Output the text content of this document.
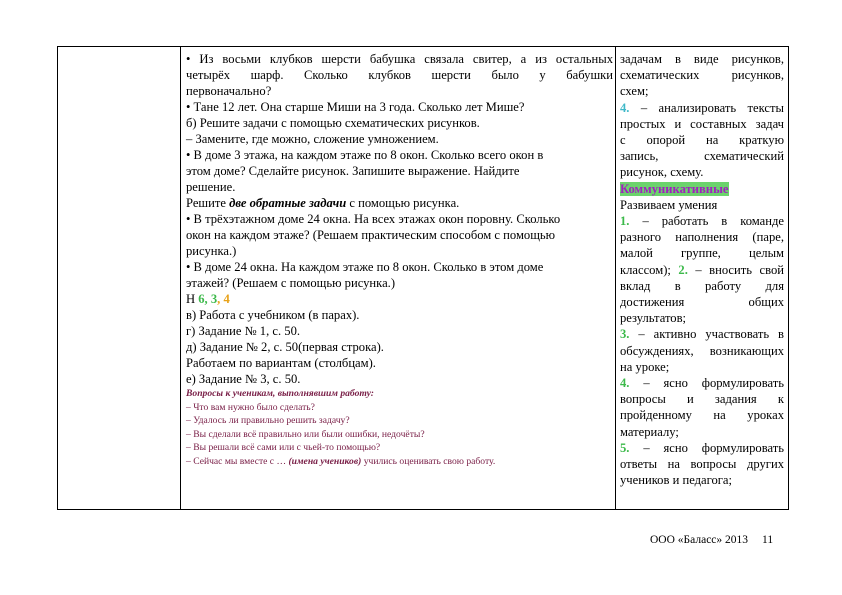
• Из восьми клубков шерсти бабушка связала свитер, а из остальных

четырёх шарф. Сколько клубков шерсти было у бабушки

первоначально?

• Тане 12 лет. Она старше Миши на 3 года. Сколько лет Мише?

б) Решите задачи с помощью схематических рисунков.

– Замените, где можно, сложение умножением.

• В доме 3 этажа, на каждом этаже по 8 окон. Сколько всего окон в

этом доме? Сделайте рисунок. Запишите выражение. Найдите

решение.

Решите две обратные задачи с помощью рисунка.

• В трёхэтажном доме 24 окна. На всех этажах окон поровну. Сколько

окон на каждом этаже? (Решаем практическим способом с помощью

рисунка.)

• В доме 24 окна. На каждом этаже по 8 окон. Сколько в этом доме

этажей? (Решаем с помощью рисунка.)

Н 6, 3, 4

в) Работа с учебником (в парах).

г) Задание № 1, с. 50.

д) Задание № 2, с. 50(первая строка).

Работаем по вариантам (столбцам).

е) Задание № 3, с. 50.

Вопросы к ученикам, выполнявшим работу:

– Что вам нужно было сделать?

– Удалось ли правильно решить задачу?

– Вы сделали всё правильно или были ошибки, недочёты?

– Вы решали всё сами или с чьей-то помощью?

– Сейчас мы вместе с … (имена учеников) учились оценивать свою работу.

задачам в виде рисунков,

схематических рисунков,

схем;

4. – анализировать тексты

простых и составных задач

с опорой на краткую

запись, схематический

рисунок, схему.

Коммуникативные

Развиваем умения

1. – работать в команде

разного наполнения (паре,

малой группе, целым

классом); 2. – вносить свой

вклад в работу для

достижения общих

результатов;

3. – активно участвовать в

обсуждениях, возникающих

на уроке;

4. – ясно формулировать

вопросы и задания к

пройденному на уроках

материалу;

5. – ясно формулировать

ответы на вопросы других

учеников и педагога;

ООО «Баласс» 2013 11
